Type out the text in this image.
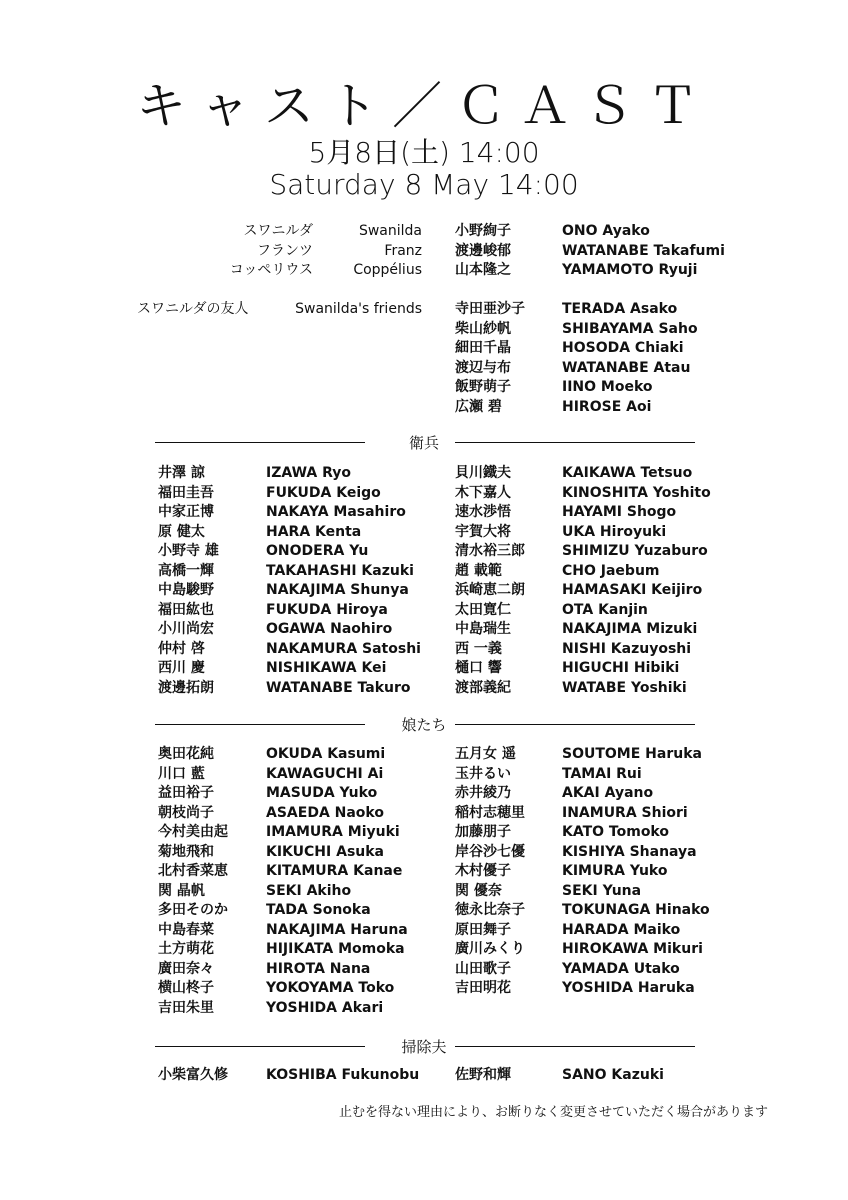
キャスト／ＣＡＳＴ
5月8日(土) 14:00
Saturday 8 May 14:00
スワニルダ	Swanilda 小野絢子	ONO Ayako
フランツ	Franz 渡邊峻郁	WATANABE Takafumi
コッペリウス	Coppélius 山本隆之	YAMAMOTO Ryuji
スワニルダの友人	Swanilda's friends 寺田亜沙子	TERADA Asako
柴山紗帆	SHIBAYAMA Saho
細田千晶	HOSODA Chiaki
渡辺与布	WATANABE Atau
飯野萌子	IINO Moeko
広瀬 碧	HIROSE Aoi
衛兵
井澤 諒	IZAWA Ryo	貝川鐵夫	KAIKAWA Tetsuo
福田圭吾	FUKUDA Keigo	木下嘉人	KINOSHITA Yoshito
中家正博	NAKAYA Masahiro	速水渉悟	HAYAMI Shogo
原 健太	HARA Kenta	宇賀大将	UKA Hiroyuki
小野寺 雄	ONODERA Yu	清水裕三郎	SHIMIZU Yuzaburo
高橋一輝	TAKAHASHI Kazuki	趙 載範	CHO Jaebum
中島駿野	NAKAJIMA Shunya	浜崎恵二朗	HAMASAKI Keijiro
福田紘也	FUKUDA Hiroya	太田寛仁	OTA Kanjin
小川尚宏	OGAWA Naohiro	中島瑞生	NAKAJIMA Mizuki
仲村 啓	NAKAMURA Satoshi 西 一義	NISHI Kazuyoshi
西川 慶	NISHIKAWA Kei	樋口 響	HIGUCHI Hibiki
渡邊拓朗	WATANABE Takuro	渡部義紀	WATABE Yoshiki
娘たち
奥田花純	OKUDA Kasumi	五月女 遥	SOUTOME Haruka
川口 藍	KAWAGUCHI Ai	玉井るい	TAMAI Rui
益田裕子	MASUDA Yuko	赤井綾乃	AKAI Ayano
朝枝尚子	ASAEDA Naoko	稲村志穂里	INAMURA Shiori
今村美由起	IMAMURA Miyuki	加藤朋子	KATO Tomoko
菊地飛和	KIKUCHI Asuka	岸谷沙七優	KISHIYA Shanaya
北村香菜恵	KITAMURA Kanae	木村優子	KIMURA Yuko
関 晶帆	SEKI Akiho	関 優奈	SEKI Yuna
多田そのか	TADA Sonoka	徳永比奈子	TOKUNAGA Hinako
中島春菜	NAKAJIMA Haruna	原田舞子	HARADA Maiko
土方萌花	HIJIKATA Momoka	廣川みくり	HIROKAWA Mikuri
廣田奈々	HIROTA Nana	山田歌子	YAMADA Utako
横山柊子	YOKOYAMA Toko	吉田明花	YOSHIDA Haruka
吉田朱里	YOSHIDA Akari
掃除夫
小柴富久修	KOSHIBA Fukunobu	佐野和輝	SANO Kazuki
止むを得ない理由により、お断りなく変更させていただく場合があります
